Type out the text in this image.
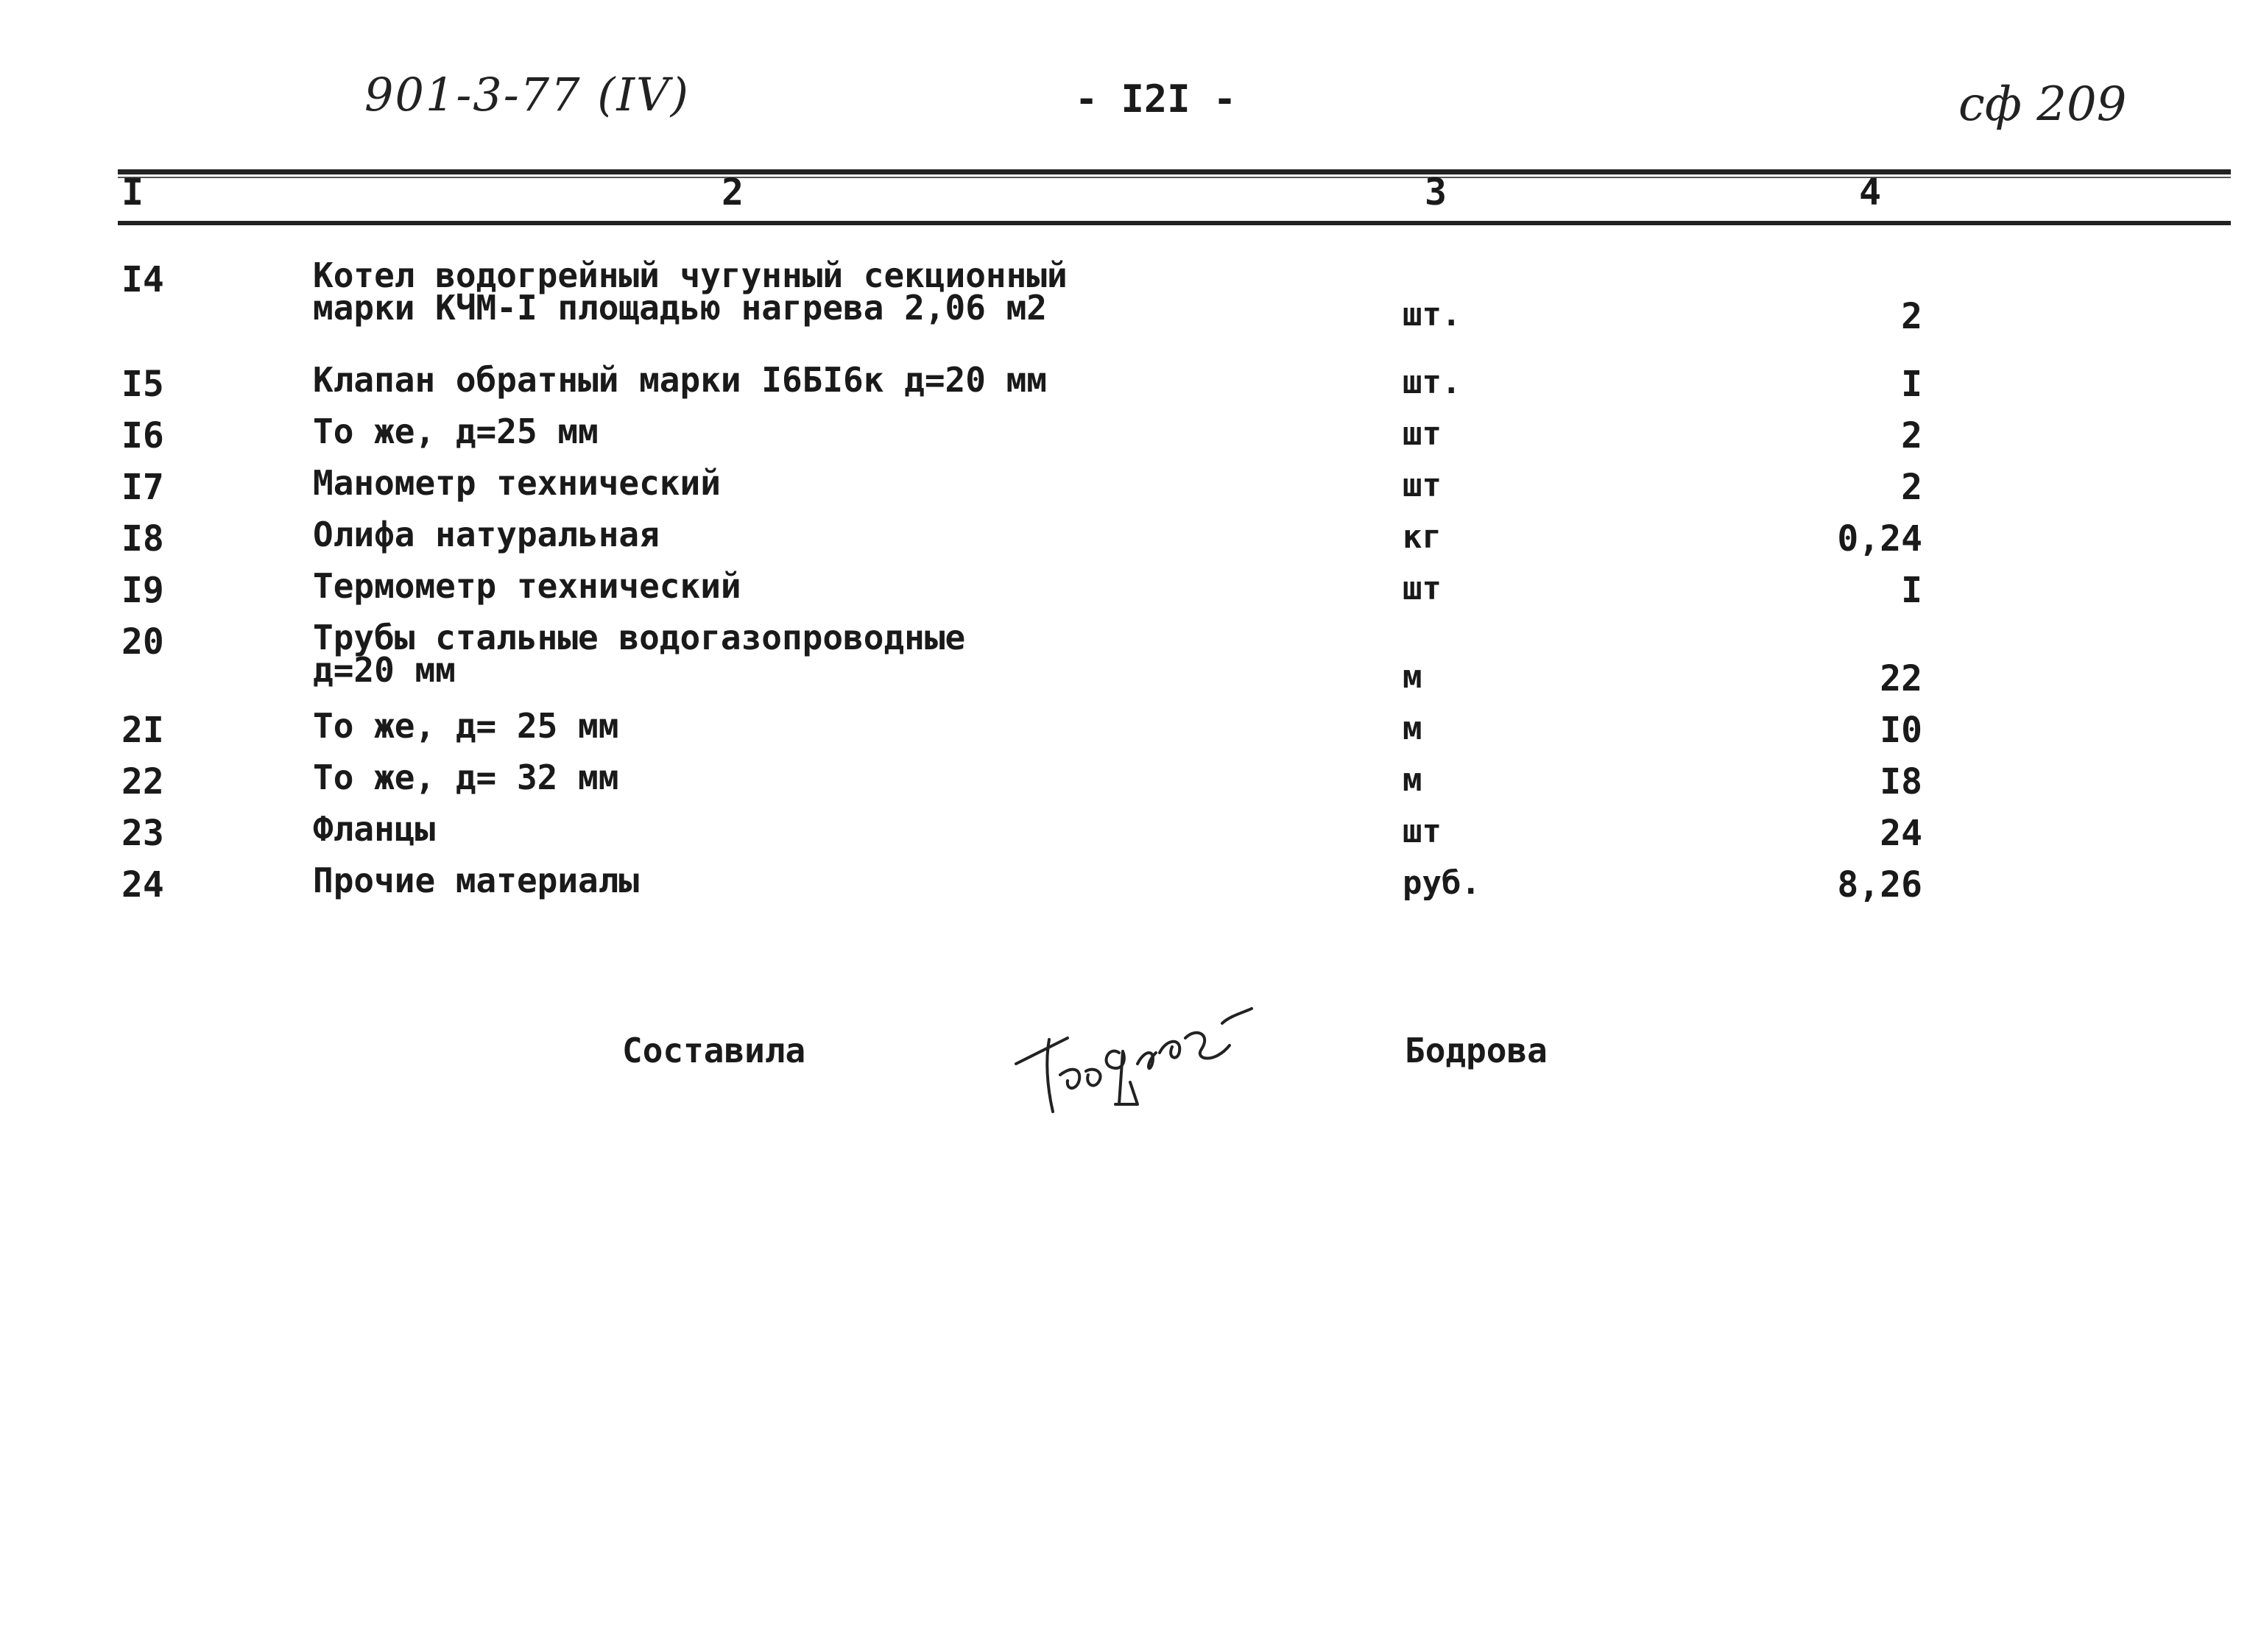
901-3-77 (IV)	- I2I -	сф 209
I	2	3	4
I4	Котел водогрейный чугунный секционный
марки КЧМ-I площадью нагрева 2,06 м2	шт.	2
I5	Клапан обратный марки I6БI6к д=20 мм	шт.	I
I6	То же, д=25 мм	шт	2
I7	Манометр технический	шт	2
I8	Олифа натуральная	кг	0,24
I9	Термометр технический	шт	I
20	Трубы стальные водогазопроводные
д=20 мм	м	22
2I	То же, д= 25 мм	м	I0
22	То же, д= 32 мм	м	I8
23	Фланцы	шт	24
24	Прочие материалы	руб.	8,26
Составила	Бодрова
